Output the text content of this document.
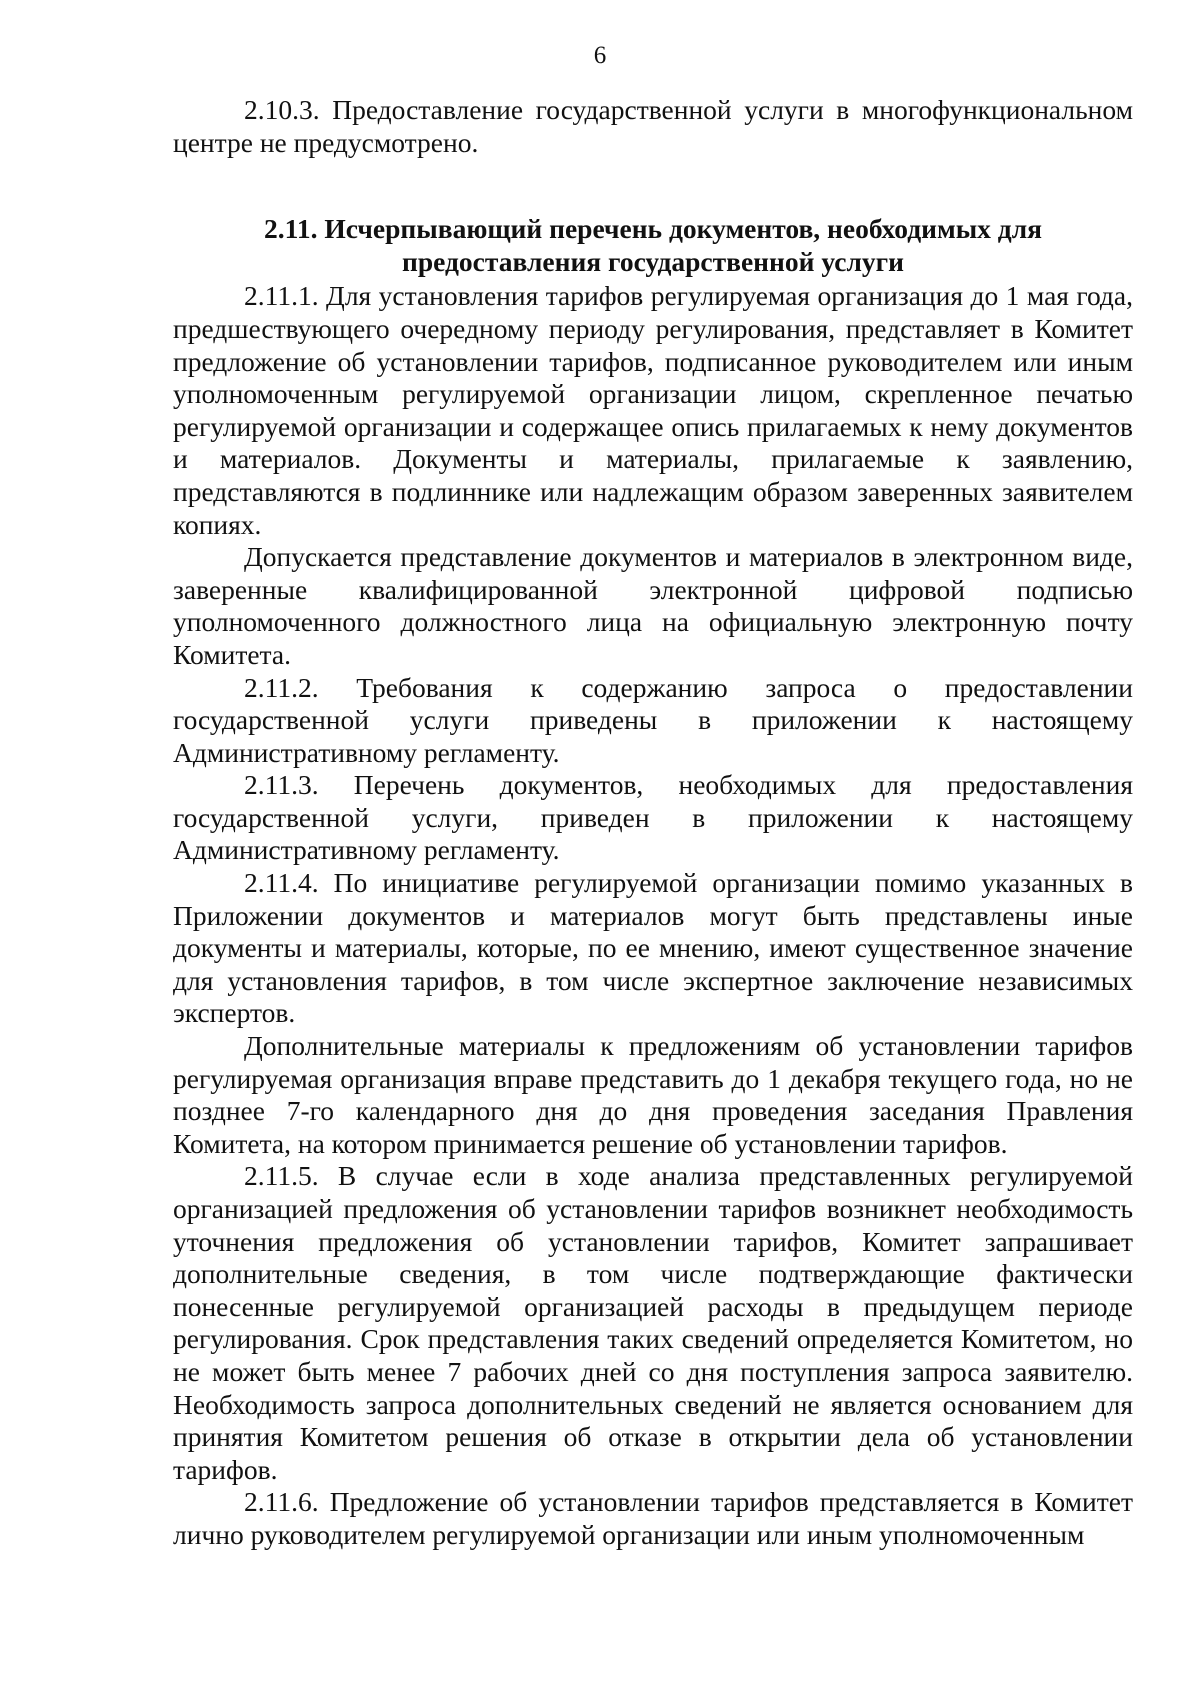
6

2.10.3. Предоставление государственной услуги в многофункциональном центре не предусмотрено.

2.11. Исчерпывающий перечень документов, необходимых для
предоставления государственной услуги

2.11.1. Для установления тарифов регулируемая организация до 1 мая года, предшествующего очередному периоду регулирования, представляет в Комитет предложение об установлении тарифов, подписанное руководителем или иным уполномоченным регулируемой организации лицом, скрепленное печатью регулируемой организации и содержащее опись прилагаемых к нему документов и материалов. Документы и материалы, прилагаемые к заявлению, представляются в подлиннике или надлежащим образом заверенных заявителем копиях.

Допускается представление документов и материалов в электронном виде, заверенные квалифицированной электронной цифровой подписью уполномоченного должностного лица на официальную электронную почту Комитета.

2.11.2. Требования к содержанию запроса о предоставлении государственной услуги приведены в приложении к настоящему Административному регламенту.

2.11.3. Перечень документов, необходимых для предоставления государственной услуги, приведен в приложении к настоящему Административному регламенту.

2.11.4. По инициативе регулируемой организации помимо указанных в Приложении документов и материалов могут быть представлены иные документы и материалы, которые, по ее мнению, имеют существенное значение для установления тарифов, в том числе экспертное заключение независимых экспертов.

Дополнительные материалы к предложениям об установлении тарифов регулируемая организация вправе представить до 1 декабря текущего года, но не позднее 7-го календарного дня до дня проведения заседания Правления Комитета, на котором принимается решение об установлении тарифов.

2.11.5. В случае если в ходе анализа представленных регулируемой организацией предложения об установлении тарифов возникнет необходимость уточнения предложения об установлении тарифов, Комитет запрашивает дополнительные сведения, в том числе подтверждающие фактически понесенные регулируемой организацией расходы в предыдущем периоде регулирования. Срок представления таких сведений определяется Комитетом, но не может быть менее 7 рабочих дней со дня поступления запроса заявителю. Необходимость запроса дополнительных сведений не является основанием для принятия Комитетом решения об отказе в открытии дела об установлении тарифов.

2.11.6. Предложение об установлении тарифов представляется в Комитет лично руководителем регулируемой организации или иным уполномоченным
